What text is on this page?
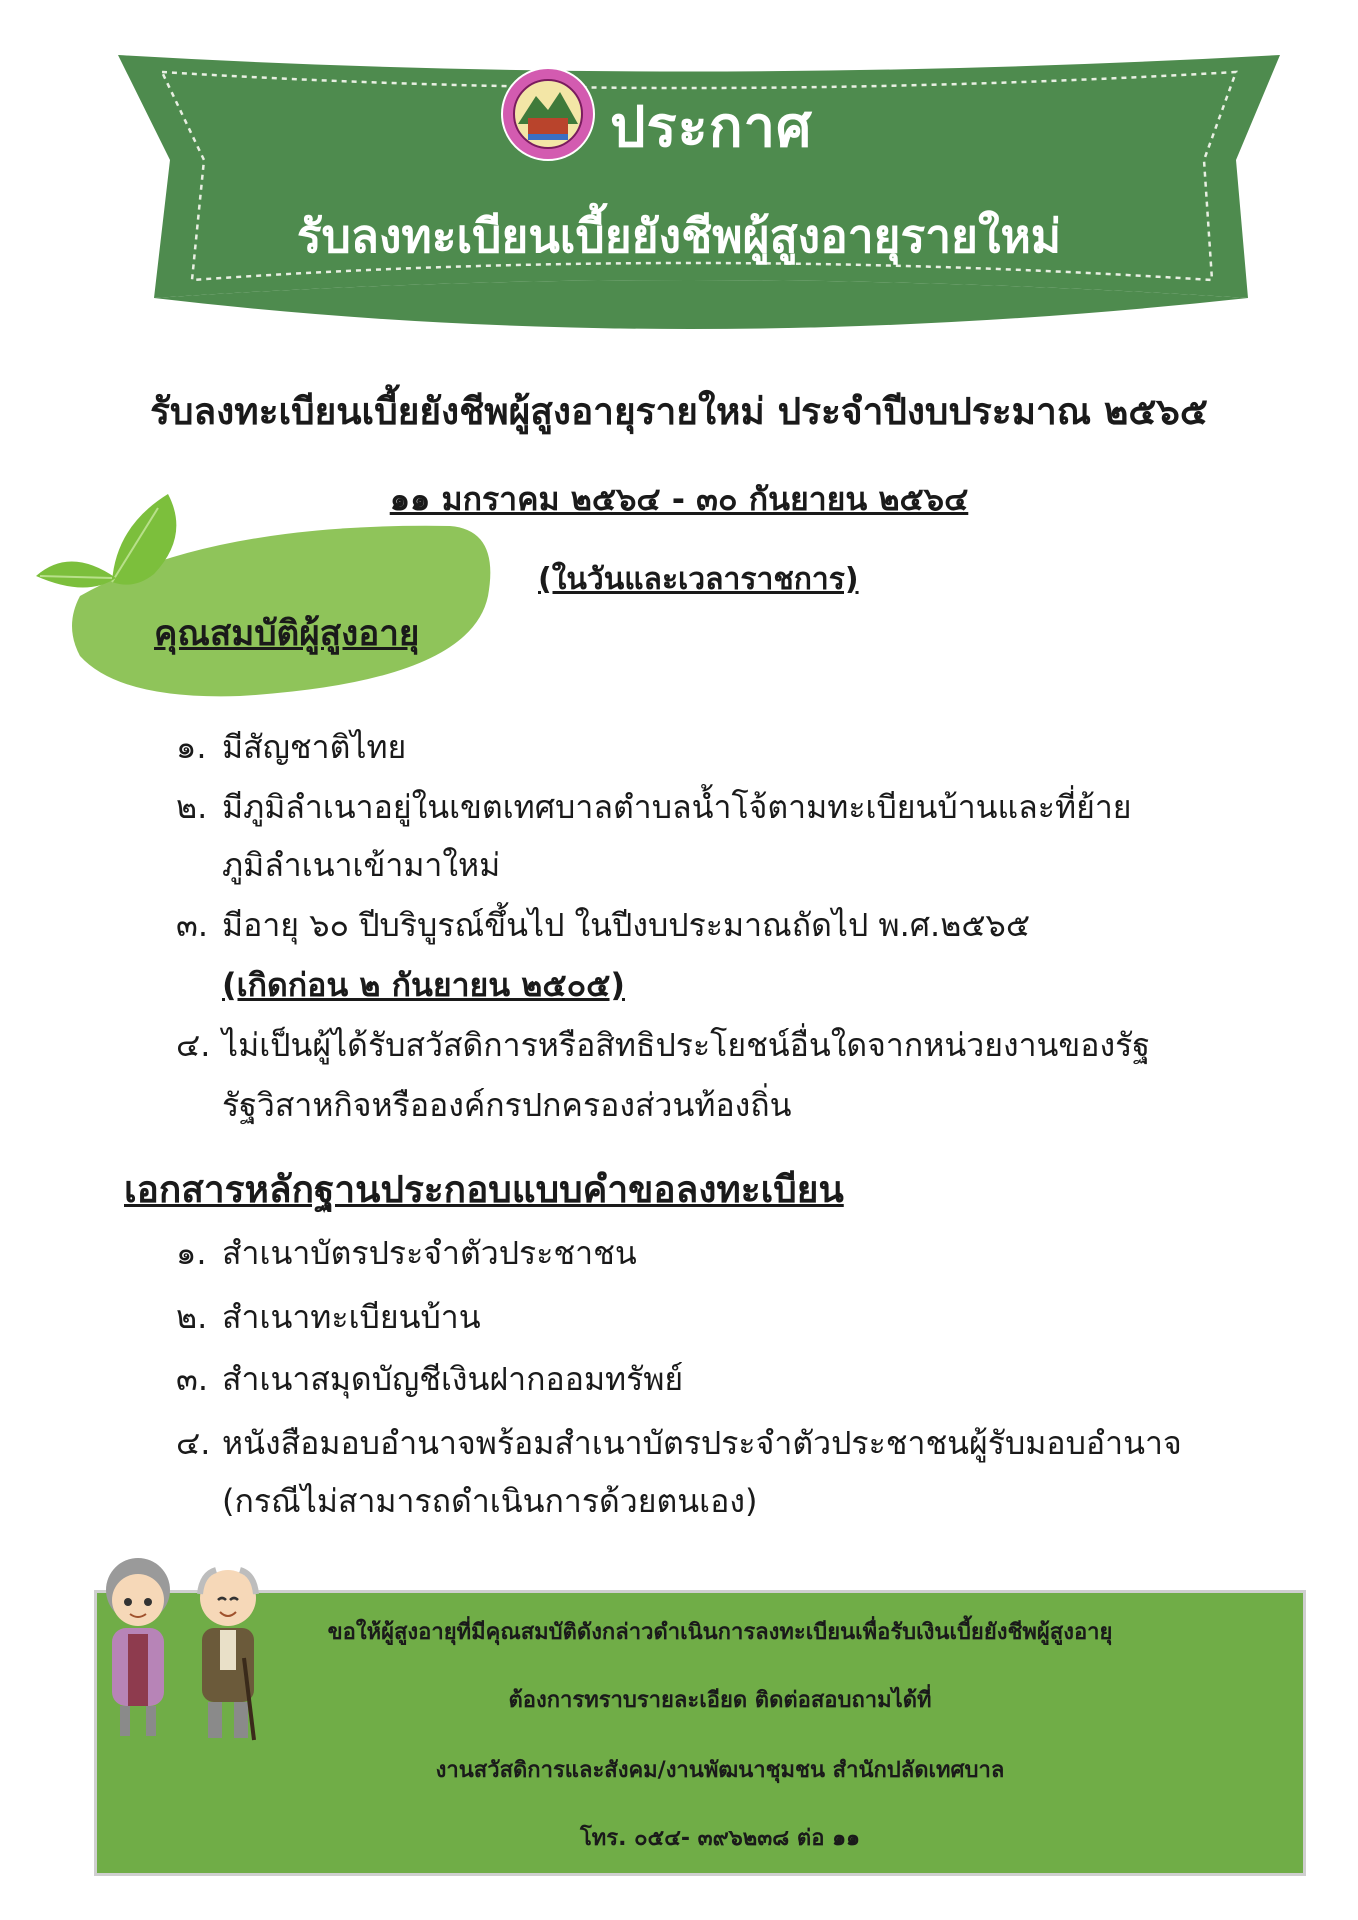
ประกาศ
รับลงทะเบียนเบี้ยยังชีพผู้สูงอายุรายใหม่
รับลงทะเบียนเบี้ยยังชีพผู้สูงอายุรายใหม่ ประจำปีงบประมาณ ๒๕๖๕
๑๑ มกราคม ๒๕๖๔ - ๓๐ กันยายน ๒๕๖๔
(ในวันและเวลาราชการ)
คุณสมบัติผู้สูงอายุ
๑. มีสัญชาติไทย
๒. มีภูมิลำเนาอยู่ในเขตเทศบาลตำบลน้ำโจ้ตามทะเบียนบ้านและที่ย้าย
ภูมิลำเนาเข้ามาใหม่
๓. มีอายุ ๖๐ ปีบริบูรณ์ขึ้นไป ในปีงบประมาณถัดไป พ.ศ.๒๕๖๕
(เกิดก่อน ๒ กันยายน ๒๕๐๕)
๔. ไม่เป็นผู้ได้รับสวัสดิการหรือสิทธิประโยชน์อื่นใดจากหน่วยงานของรัฐ
รัฐวิสาหกิจหรือองค์กรปกครองส่วนท้องถิ่น
เอกสารหลักฐานประกอบแบบคำขอลงทะเบียน
๑. สำเนาบัตรประจำตัวประชาชน
๒. สำเนาทะเบียนบ้าน
๓. สำเนาสมุดบัญชีเงินฝากออมทรัพย์
๔. หนังสือมอบอำนาจพร้อมสำเนาบัตรประจำตัวประชาชนผู้รับมอบอำนาจ
(กรณีไม่สามารถดำเนินการด้วยตนเอง)
ขอให้ผู้สูงอายุที่มีคุณสมบัติดังกล่าวดำเนินการลงทะเบียนเพื่อรับเงินเบี้ยยังชีพผู้สูงอายุ
ต้องการทราบรายละเอียด ติดต่อสอบถามได้ที่
งานสวัสดิการและสังคม/งานพัฒนาชุมชน สำนักปลัดเทศบาล
โทร. ๐๕๔- ๓๙๖๒๓๘ ต่อ ๑๑
